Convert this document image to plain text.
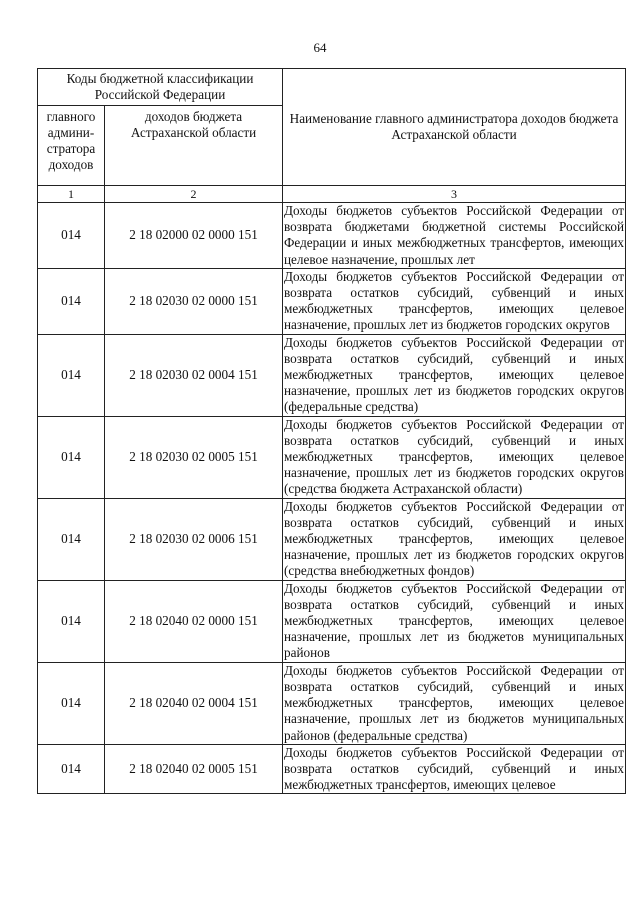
64
Коды бюджетной классификации Российской Федерации		Наименование главного администратора доходов бюджета Астраханской области
главного админи-стратора доходов	доходов бюджета Астраханской области	
1	2	3
014	2 18 02000 02 0000 151	Доходы бюджетов субъектов Российской Федерации от возврата бюджетами бюджетной системы Российской Федерации и иных межбюджетных трансфертов, имеющих целевое назначение, прошлых лет
014	2 18 02030 02 0000 151	Доходы бюджетов субъектов Российской Федерации от возврата остатков субсидий, субвенций и иных межбюджетных трансфертов, имеющих целевое назначение, прошлых лет из бюджетов городских округов
014	2 18 02030 02 0004 151	Доходы бюджетов субъектов Российской Федерации от возврата остатков субсидий, субвенций и иных межбюджетных трансфертов, имеющих целевое назначение, прошлых лет из бюджетов городских округов (федеральные средства)
014	2 18 02030 02 0005 151	Доходы бюджетов субъектов Российской Федерации от возврата остатков субсидий, субвенций и иных межбюджетных трансфертов, имеющих целевое назначение, прошлых лет из бюджетов городских округов (средства бюджета Астраханской области)
014	2 18 02030 02 0006 151	Доходы бюджетов субъектов Российской Федерации от возврата остатков субсидий, субвенций и иных межбюджетных трансфертов, имеющих целевое назначение, прошлых лет из бюджетов городских округов (средства внебюджетных фондов)
014	2 18 02040 02 0000 151	Доходы бюджетов субъектов Российской Федерации от возврата остатков субсидий, субвенций и иных межбюджетных трансфертов, имеющих целевое назначение, прошлых лет из бюджетов муниципальных районов
014	2 18 02040 02 0004 151	Доходы бюджетов субъектов Российской Федерации от возврата остатков субсидий, субвенций и иных межбюджетных трансфертов, имеющих целевое назначение, прошлых лет из бюджетов муниципальных районов (федеральные средства)
014	2 18 02040 02 0005 151	Доходы бюджетов субъектов Российской Федерации от возврата остатков субсидий, субвенций и иных межбюджетных трансфертов, имеющих целевое
